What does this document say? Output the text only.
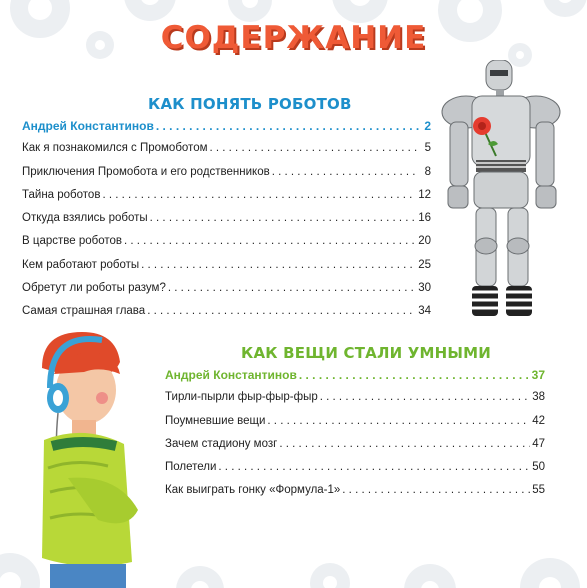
СОДЕРЖАНИЕ
КАК ПОНЯТЬ РОБОТОВ
Андрей Константинов . . .	2
Как я познакомился с Промоботом . . .	5
Приключения Промобота и его родственников . . .	8
Тайна роботов . . .	12
Откуда взялись роботы . . .	16
В царстве роботов . . .	20
Кем работают роботы . . .	25
Обретут ли роботы разум? . . .	30
Самая страшная глава . . .	34
КАК ВЕЩИ СТАЛИ УМНЫМИ
Андрей Константинов . . .	37
Тирли-пырли фыр-фыр-фыр . . .	38
Поумневшие вещи . . .	42
Зачем стадиону мозг . . .	47
Полетели . . .	50
Как выиграть гонку «Формула-1» . . .	55
